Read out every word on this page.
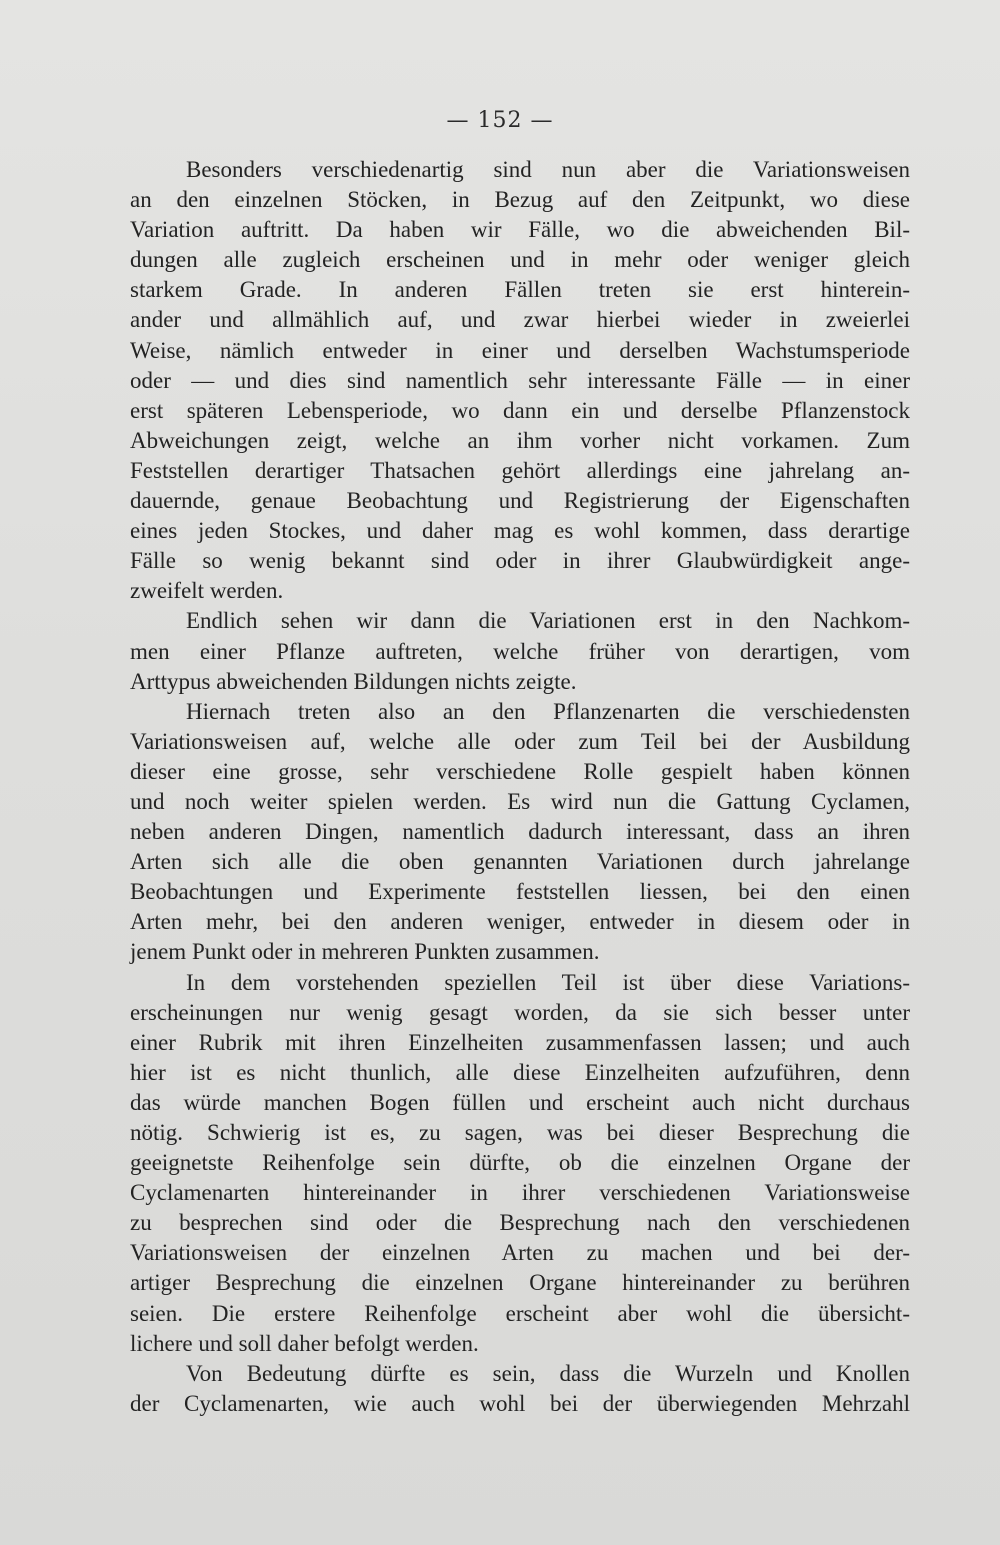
— 152 —
Besonders verschiedenartig sind nun aber die Variationsweisen
an den einzelnen Stöcken, in Bezug auf den Zeitpunkt, wo diese
Variation auftritt. Da haben wir Fälle, wo die abweichenden Bil-
dungen alle zugleich erscheinen und in mehr oder weniger gleich
starkem Grade. In anderen Fällen treten sie erst hinterein-
ander und allmählich auf, und zwar hierbei wieder in zweierlei
Weise, nämlich entweder in einer und derselben Wachstumsperiode
oder — und dies sind namentlich sehr interessante Fälle — in einer
erst späteren Lebensperiode, wo dann ein und derselbe Pflanzenstock
Abweichungen zeigt, welche an ihm vorher nicht vorkamen. Zum
Feststellen derartiger Thatsachen gehört allerdings eine jahrelang an-
dauernde, genaue Beobachtung und Registrierung der Eigenschaften
eines jeden Stockes, und daher mag es wohl kommen, dass derartige
Fälle so wenig bekannt sind oder in ihrer Glaubwürdigkeit ange-
zweifelt werden.
Endlich sehen wir dann die Variationen erst in den Nachkom-
men einer Pflanze auftreten, welche früher von derartigen, vom
Arttypus abweichenden Bildungen nichts zeigte.
Hiernach treten also an den Pflanzenarten die verschiedensten
Variationsweisen auf, welche alle oder zum Teil bei der Ausbildung
dieser eine grosse, sehr verschiedene Rolle gespielt haben können
und noch weiter spielen werden. Es wird nun die Gattung Cyclamen,
neben anderen Dingen, namentlich dadurch interessant, dass an ihren
Arten sich alle die oben genannten Variationen durch jahrelange
Beobachtungen und Experimente feststellen liessen, bei den einen
Arten mehr, bei den anderen weniger, entweder in diesem oder in
jenem Punkt oder in mehreren Punkten zusammen.
In dem vorstehenden speziellen Teil ist über diese Variations-
erscheinungen nur wenig gesagt worden, da sie sich besser unter
einer Rubrik mit ihren Einzelheiten zusammenfassen lassen; und auch
hier ist es nicht thunlich, alle diese Einzelheiten aufzuführen, denn
das würde manchen Bogen füllen und erscheint auch nicht durchaus
nötig. Schwierig ist es, zu sagen, was bei dieser Besprechung die
geeignetste Reihenfolge sein dürfte, ob die einzelnen Organe der
Cyclamenarten hintereinander in ihrer verschiedenen Variationsweise
zu besprechen sind oder die Besprechung nach den verschiedenen
Variationsweisen der einzelnen Arten zu machen und bei der-
artiger Besprechung die einzelnen Organe hintereinander zu berühren
seien. Die erstere Reihenfolge erscheint aber wohl die übersicht-
lichere und soll daher befolgt werden.
Von Bedeutung dürfte es sein, dass die Wurzeln und Knollen
der Cyclamenarten, wie auch wohl bei der überwiegenden Mehrzahl
